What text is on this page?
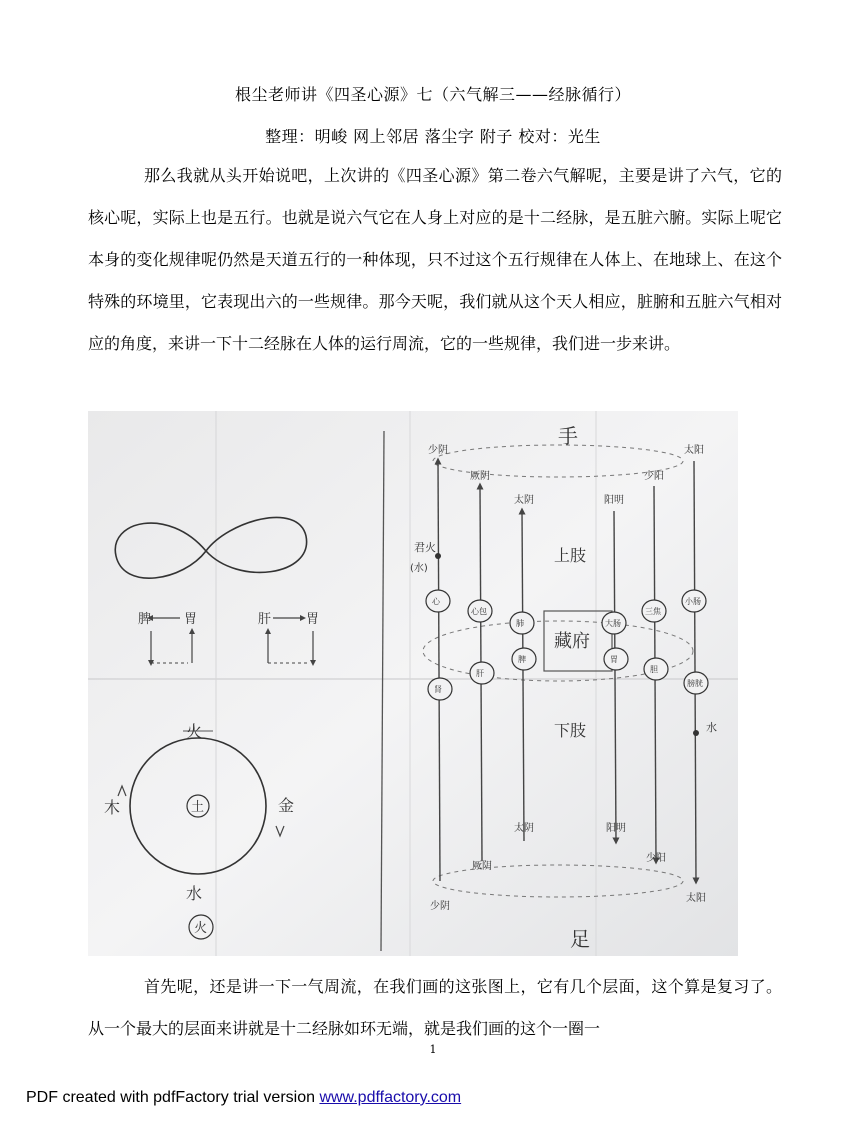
根尘老师讲《四圣心源》七（六气解三——经脉循行）
整理：明峻 网上邻居 落尘字 附子 校对：光生
那么我就从头开始说吧，上次讲的《四圣心源》第二卷六气解呢，主要是讲了六气，它的核心呢，实际上也是五行。也就是说六气它在人身上对应的是十二经脉，是五脏六腑。实际上呢它本身的变化规律呢仍然是天道五行的一种体现，只不过这个五行规律在人体上、在地球上、在这个特殊的环境里，它表现出六的一些规律。那今天呢，我们就从这个天人相应，脏腑和五脏六气相对应的角度，来讲一下十二经脉在人体的运行周流，它的一些规律，我们进一步来讲。
脾	胃	肝	胃
火
木	金
土
水
火
手
足
藏府
上肢
下肢
少阴
厥阴
太阴	阳明
少阳
太阳
少阴
厥阴
太阴	阳明
少阳
太阳
心
心包
肺	大肠
三焦
小肠
肾
肝
脾	胃
胆
膀胱
君火
(水)
水
首先呢，还是讲一下一气周流，在我们画的这张图上，它有几个层面，这个算是复习了。从一个最大的层面来讲就是十二经脉如环无端，就是我们画的这个一圈一
1
PDF created with pdfFactory trial version www.pdffactory.com
